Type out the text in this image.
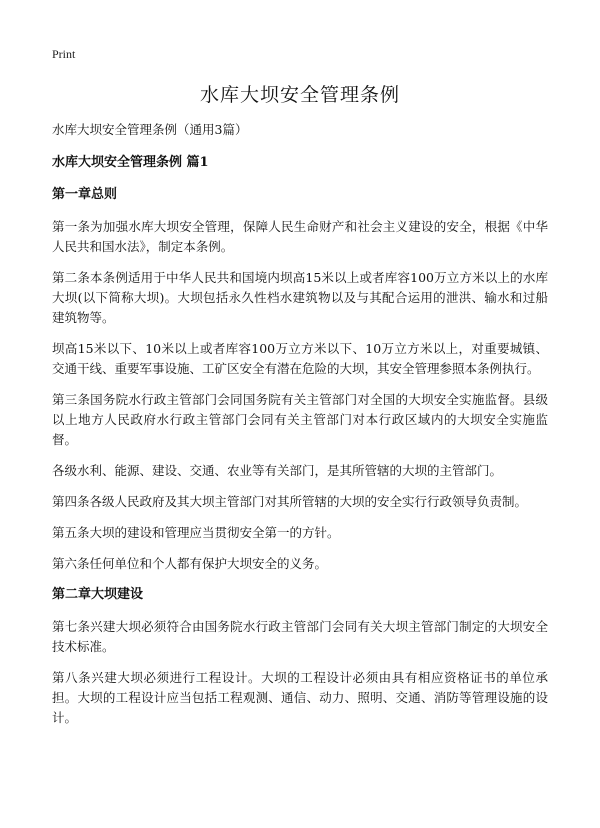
Print
水库大坝安全管理条例

水库大坝安全管理条例（通用3篇）

水库大坝安全管理条例 篇1

第一章总则

第一条为加强水库大坝安全管理，保障人民生命财产和社会主义建设的安全，根据《中华人民共和国水法》，制定本条例。

第二条本条例适用于中华人民共和国境内坝高15米以上或者库容100万立方米以上的水库大坝(以下简称大坝)。大坝包括永久性档水建筑物以及与其配合运用的泄洪、输水和过船建筑物等。

坝高15米以下、10米以上或者库容100万立方米以下、10万立方米以上，对重要城镇、交通干线、重要军事设施、工矿区安全有潜在危险的大坝，其安全管理参照本条例执行。

第三条国务院水行政主管部门会同国务院有关主管部门对全国的大坝安全实施监督。县级以上地方人民政府水行政主管部门会同有关主管部门对本行政区域内的大坝安全实施监督。

各级水利、能源、建设、交通、农业等有关部门，是其所管辖的大坝的主管部门。

第四条各级人民政府及其大坝主管部门对其所管辖的大坝的安全实行行政领导负责制。

第五条大坝的建设和管理应当贯彻安全第一的方针。

第六条任何单位和个人都有保护大坝安全的义务。

第二章大坝建设

第七条兴建大坝必须符合由国务院水行政主管部门会同有关大坝主管部门制定的大坝安全技术标准。

第八条兴建大坝必须进行工程设计。大坝的工程设计必须由具有相应资格证书的单位承担。大坝的工程设计应当包括工程观测、通信、动力、照明、交通、消防等管理设施的设计。
